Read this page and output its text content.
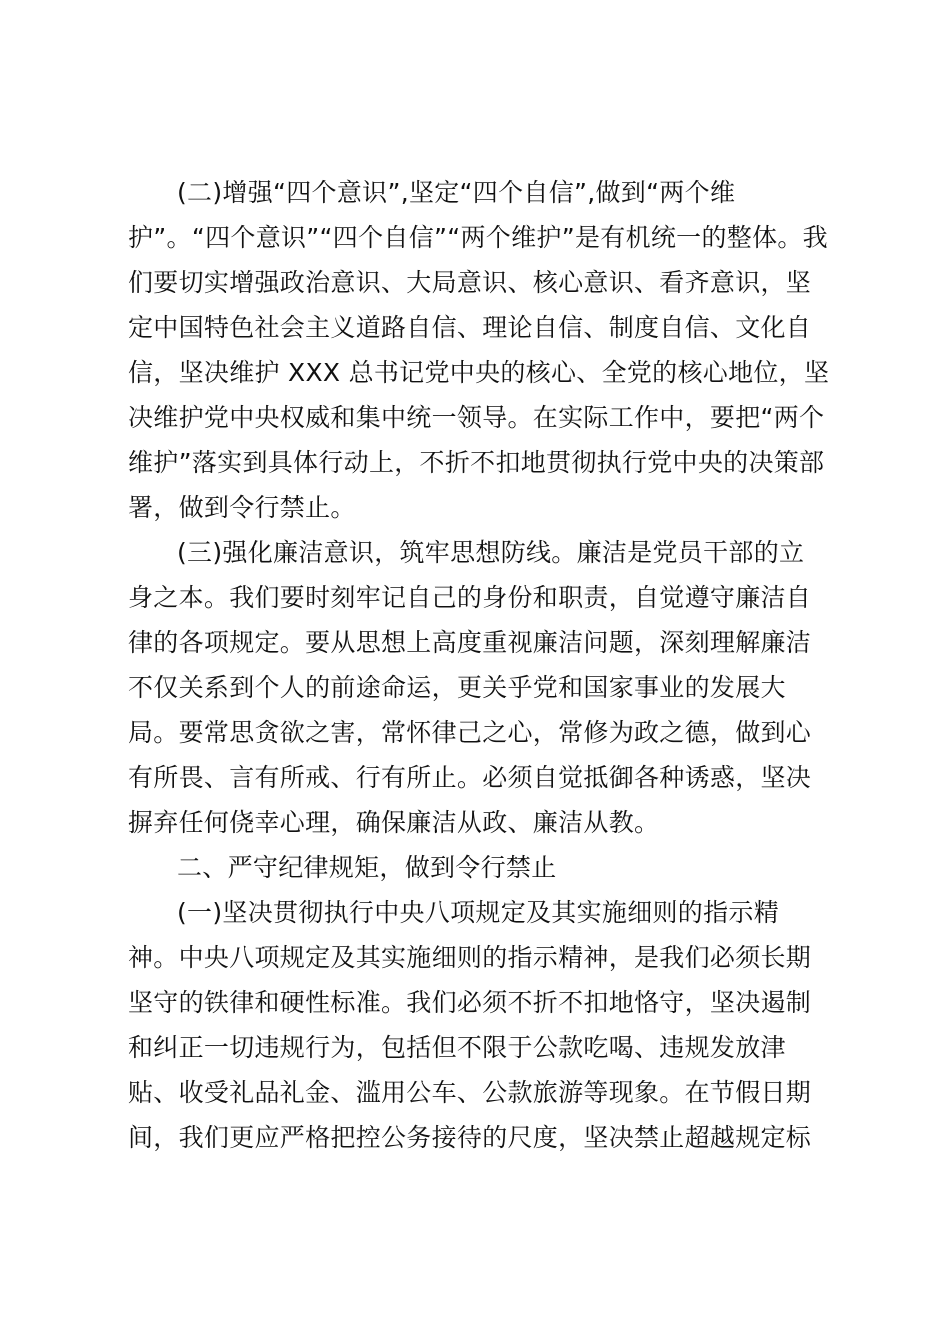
(二)增强“四个意识”,坚定“四个自信”,做到“两个维
护”。“四个意识”“四个自信”“两个维护”是有机统一的整体。我
们要切实增强政治意识、大局意识、核心意识、看齐意识，坚
定中国特色社会主义道路自信、理论自信、制度自信、文化自
信，坚决维护 XXX 总书记党中央的核心、全党的核心地位，坚
决维护党中央权威和集中统一领导。在实际工作中，要把“两个
维护”落实到具体行动上，不折不扣地贯彻执行党中央的决策部
署，做到令行禁止。
(三)强化廉洁意识，筑牢思想防线。廉洁是党员干部的立
身之本。我们要时刻牢记自己的身份和职责，自觉遵守廉洁自
律的各项规定。要从思想上高度重视廉洁问题，深刻理解廉洁
不仅关系到个人的前途命运，更关乎党和国家事业的发展大
局。要常思贪欲之害，常怀律己之心，常修为政之德，做到心
有所畏、言有所戒、行有所止。必须自觉抵御各种诱惑，坚决
摒弃任何侥幸心理，确保廉洁从政、廉洁从教。
二、严守纪律规矩，做到令行禁止
(一)坚决贯彻执行中央八项规定及其实施细则的指示精
神。中央八项规定及其实施细则的指示精神，是我们必须长期
坚守的铁律和硬性标准。我们必须不折不扣地恪守，坚决遏制
和纠正一切违规行为，包括但不限于公款吃喝、违规发放津
贴、收受礼品礼金、滥用公车、公款旅游等现象。在节假日期
间，我们更应严格把控公务接待的尺度，坚决禁止超越规定标
